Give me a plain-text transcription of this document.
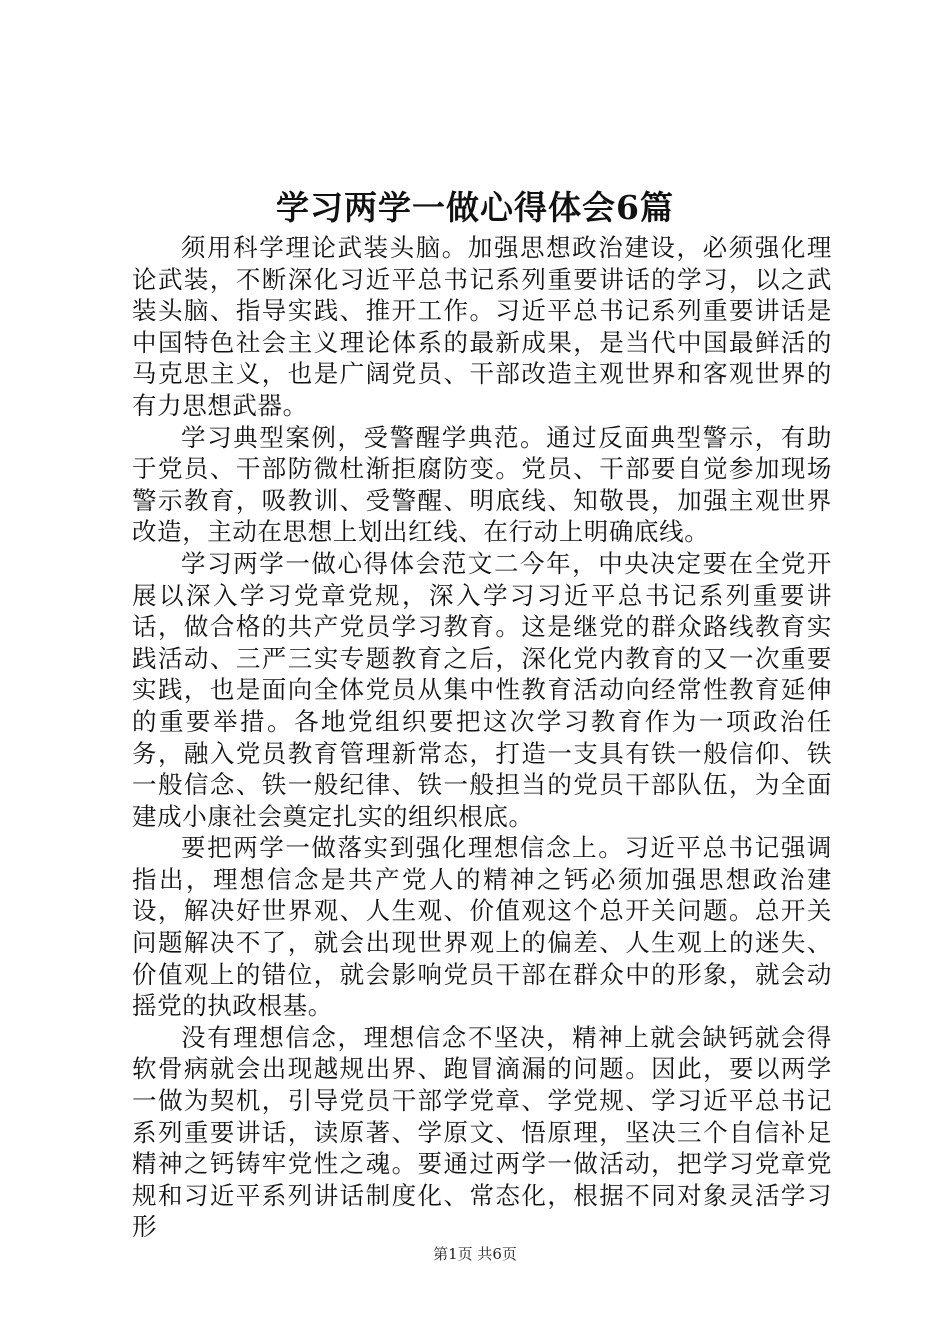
学习两学一做心得体会6篇

须用科学理论武装头脑。加强思想政治建设，必须强化理论武装，不断深化习近平总书记系列重要讲话的学习，以之武装头脑、指导实践、推开工作。习近平总书记系列重要讲话是中国特色社会主义理论体系的最新成果，是当代中国最鲜活的马克思主义，也是广阔党员、干部改造主观世界和客观世界的有力思想武器。

学习典型案例，受警醒学典范。通过反面典型警示，有助于党员、干部防微杜渐拒腐防变。党员、干部要自觉参加现场警示教育，吸教训、受警醒、明底线、知敬畏，加强主观世界改造，主动在思想上划出红线、在行动上明确底线。

学习两学一做心得体会范文二今年，中央决定要在全党开展以深入学习党章党规，深入学习习近平总书记系列重要讲话，做合格的共产党员学习教育。这是继党的群众路线教育实践活动、三严三实专题教育之后，深化党内教育的又一次重要实践，也是面向全体党员从集中性教育活动向经常性教育延伸的重要举措。各地党组织要把这次学习教育作为一项政治任务，融入党员教育管理新常态，打造一支具有铁一般信仰、铁一般信念、铁一般纪律、铁一般担当的党员干部队伍，为全面建成小康社会奠定扎实的组织根底。

要把两学一做落实到强化理想信念上。习近平总书记强调指出，理想信念是共产党人的精神之钙必须加强思想政治建设，解决好世界观、人生观、价值观这个总开关问题。总开关问题解决不了，就会出现世界观上的偏差、人生观上的迷失、价值观上的错位，就会影响党员干部在群众中的形象，就会动摇党的执政根基。

没有理想信念，理想信念不坚决，精神上就会缺钙就会得软骨病就会出现越规出界、跑冒滴漏的问题。因此，要以两学一做为契机，引导党员干部学党章、学党规、学习近平总书记系列重要讲话，读原著、学原文、悟原理，坚决三个自信补足精神之钙铸牢党性之魂。要通过两学一做活动，把学习党章党规和习近平系列讲话制度化、常态化，根据不同对象灵活学习形

第1页 共6页
